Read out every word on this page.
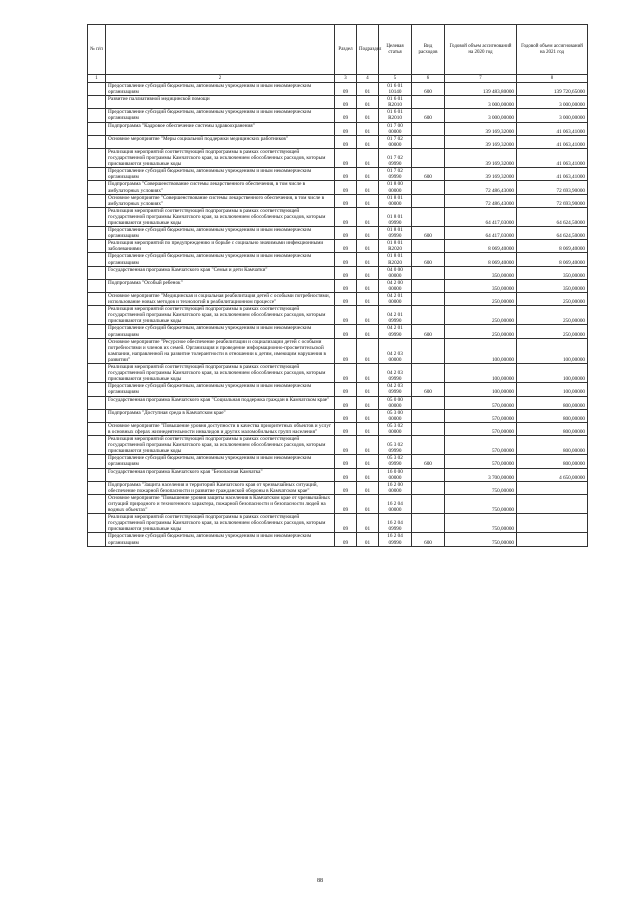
№ п/п		Раздел	Подраздел	Целевая статья	Вид расходов	Годовой объем ассигнований на 2020 год	Годовой объем ассигнований на 2021 год
1	2	3	4	5	6	7	8
	Предоставление субсидий бюджетным, автономным учреждениям и иным некоммерческим организациям	09	01	01 6 01 10140	600	139 483,80000	139 720,65000
	Развитие паллиативной медицинской помощи	09	01	01 6 01 R2010		3 000,00000	3 000,00000
	Предоставление субсидий бюджетным, автономным учреждениям и иным некоммерческим организациям	09	01	01 6 01 R2010	600	3 000,00000	3 000,00000
	Подпрограмма "Кадровое обеспечение системы здравоохранения"	09	01	01 7 00 00000		39 169,32000	41 063,41000
	Основное мероприятие "Меры социальной поддержки медицинских работников"	09	01	01 7 02 00000		39 169,32000	41 063,41000
	Реализация мероприятий соответствующей подпрограммы в рамках соответствующей государственной программы Камчатского края, за исключением обособленных расходов, которым присваиваются уникальные коды	09	01	01 7 02 09990		39 169,32000	41 063,41000
	Предоставление субсидий бюджетным, автономным учреждениям и иным некоммерческим организациям	09	01	01 7 02 09990	600	39 169,32000	41 063,41000
	Подпрограмма "Совершенствование системы лекарственного обеспечения, в том числе в амбулаторных условиях"	09	01	01 8 00 00000		72 486,43000	72 693,90000
	Основное мероприятие "Совершенствование системы лекарственного обеспечения, в том числе в амбулаторных условиях"	09	01	01 8 01 00000		72 486,43000	72 693,90000
	Реализация мероприятий соответствующей подпрограммы в рамках соответствующей государственной программы Камчатского края, за исключением обособленных расходов, которым присваиваются уникальные коды	09	01	01 8 01 09990		64 417,03000	64 624,50000
	Предоставление субсидий бюджетным, автономным учреждениям и иным некоммерческим организациям	09	01	01 8 01 09990	600	64 417,03000	64 624,50000
	Реализация мероприятий по предупреждению и борьбе с социально значимыми инфекционными заболеваниями	09	01	01 8 01 R2020		8 069,40000	8 069,40000
	Предоставление субсидий бюджетным, автономным учреждениям и иным некоммерческим организациям	09	01	01 8 01 R2020	600	8 069,40000	8 069,40000
	Государственная программа Камчатского края "Семья и дети Камчатки"	09	01	04 0 00 00000		350,00000	350,00000
	Подпрограмма "Особый ребенок"	09	01	04 2 00 00000		350,00000	350,00000
	Основное мероприятие "Медицинская и социальная реабилитация детей с особыми потребностями, использование новых методов и технологий в реабилитационном процессе"	09	01	04 2 01 00000		250,00000	250,00000
	Реализация мероприятий соответствующей подпрограммы в рамках соответствующей государственной программы Камчатского края, за исключением обособленных расходов, которым присваиваются уникальные коды	09	01	04 2 01 09990		250,00000	250,00000
	Предоставление субсидий бюджетным, автономным учреждениям и иным некоммерческим организациям	09	01	04 2 01 09990	600	250,00000	250,00000
	Основное мероприятие "Ресурсное обеспечение реабилитации и социализации детей с особыми потребностями и членов их семей. Организация и проведение информационно-просветительской кампании, направленной на развитие толерантности в отношении к детям, имеющим нарушения в развитии"	09	01	04 2 03 00000		100,00000	100,00000
	Реализация мероприятий соответствующей подпрограммы в рамках соответствующей государственной программы Камчатского края, за исключением обособленных расходов, которым присваиваются уникальные коды	09	01	04 2 03 09990		100,00000	100,00000
	Предоставление субсидий бюджетным, автономным учреждениям и иным некоммерческим организациям	09	01	04 2 03 09990	600	100,00000	100,00000
	Государственная программа Камчатского края "Социальная поддержка граждан в Камчатском крае"	09	01	05 0 00 00000		570,00000	800,00000
	Подпрограмма "Доступная среда в Камчатском крае"	09	01	05 3 00 00000		570,00000	800,00000
	Основное мероприятие "Повышение уровня доступности в качества приоритетных объектов и услуг в основных сферах жизнедеятельности инвалидов и других маломобильных групп населения"	09	01	05 3 02 00000		570,00000	800,00000
	Реализация мероприятий соответствующей подпрограммы в рамках соответствующей государственной программы Камчатского края, за исключением обособленных расходов, которым присваиваются уникальные коды	09	01	05 3 02 09990		570,00000	800,00000
	Предоставление субсидий бюджетным, автономным учреждениям и иным некоммерческим организациям	09	01	05 3 02 09990	600	570,00000	800,00000
	Государственная программа Камчатского края "Безопасная Камчатка"	09	01	16 0 00 00000		3 700,00000	4 650,00000
	Подпрограмма "Защита населения и территорий Камчатского края от чрезвычайных ситуаций, обеспечение пожарной безопасности и развитие гражданской обороны в Камчатском крае"	09	01	16 2 00 00000		750,00000	
	Основное мероприятие "Повышение уровня защиты населения в Камчатском крае от чрезвычайных ситуаций природного и техногенного характера, пожарной безопасности и безопасности людей на водных объектах"	09	01	16 2 04 00000		750,00000	
	Реализация мероприятий соответствующей подпрограммы в рамках соответствующей государственной программы Камчатского края, за исключением обособленных расходов, которым присваиваются уникальные коды	09	01	16 2 04 09990		750,00000	
	Предоставление субсидий бюджетным, автономным учреждениям и иным некоммерческим организациям	09	01	16 2 04 09990	600	750,00000	
88
